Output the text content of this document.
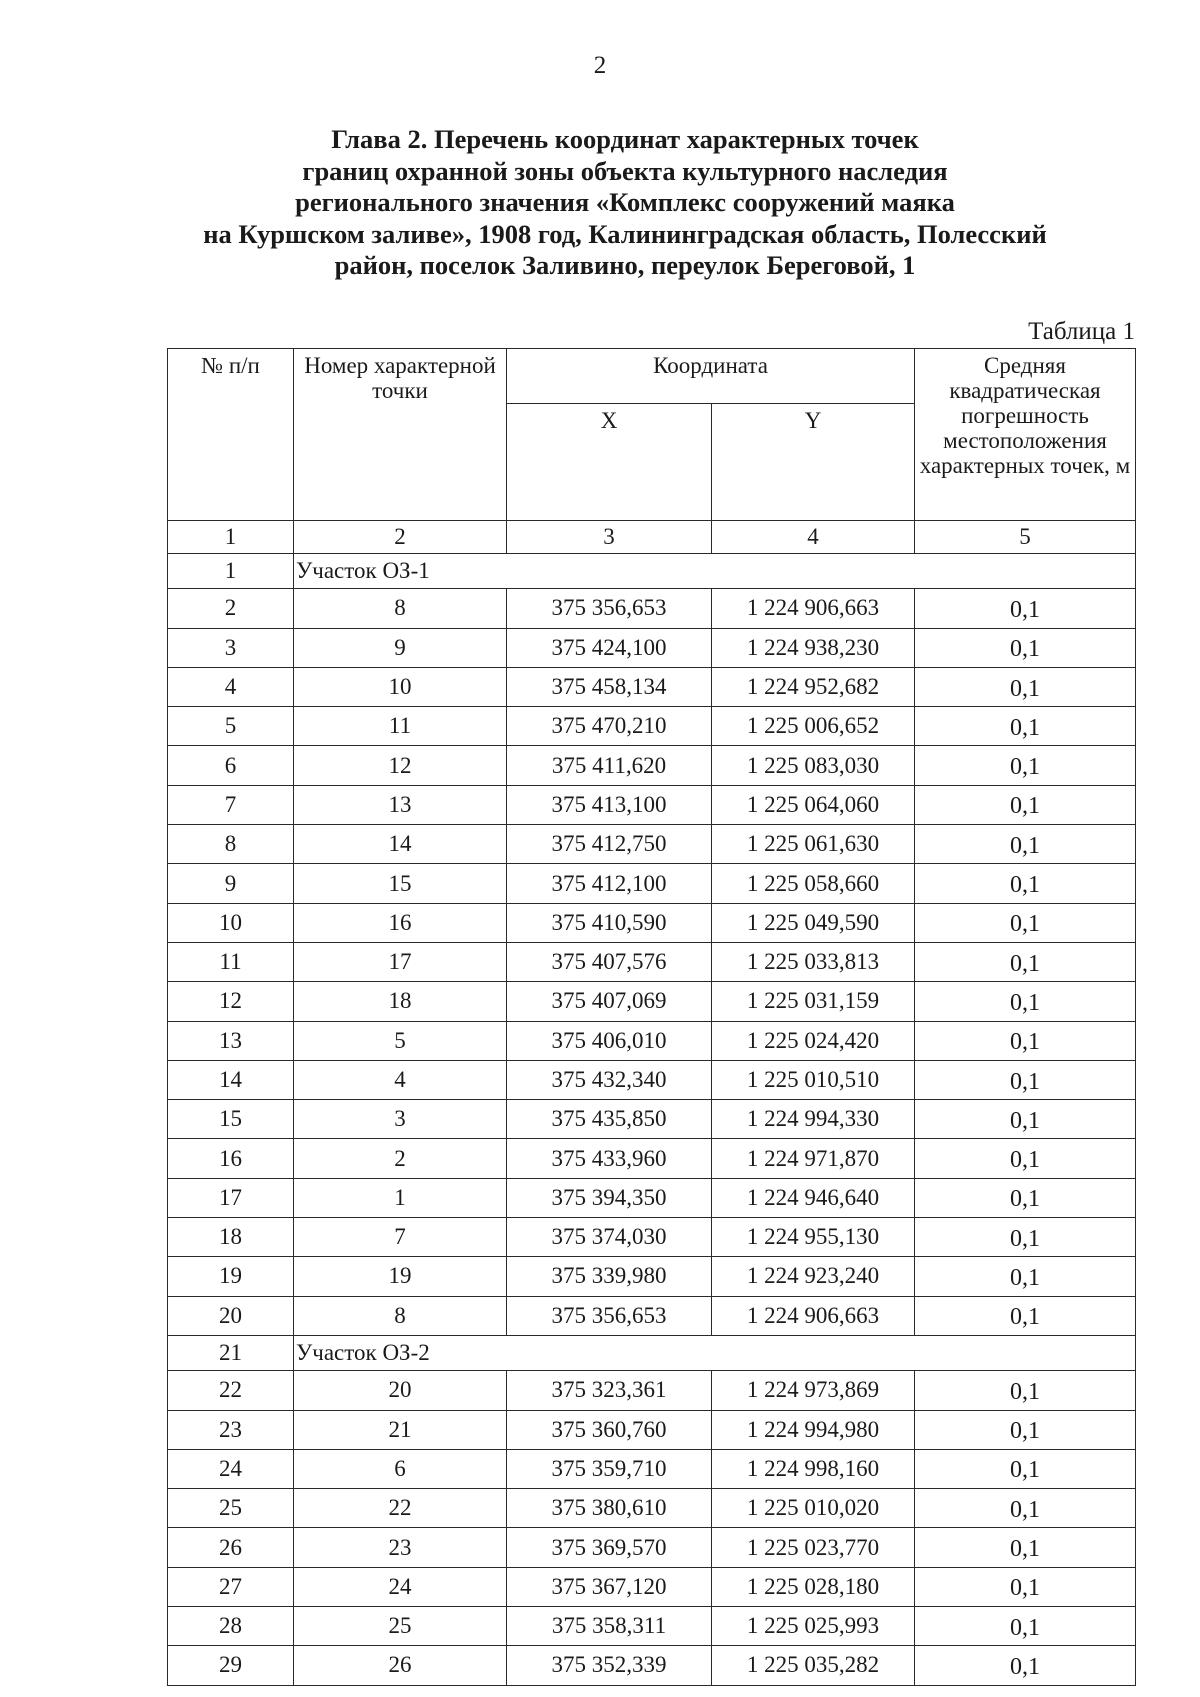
2
Глава 2. Перечень координат характерных точек
границ охранной зоны объекта культурного наследия
регионального значения «Комплекс сооружений маяка
на Куршском заливе», 1908 год, Калининградская область, Полесский
район, поселок Заливино, переулок Береговой, 1
Таблица 1
№ п/п	Номер характерной точки	Координата		Средняя квадратическая погрешность местоположения характерных точек, м
		X	Y	
1	2	3	4	5
1	Участок ОЗ-1			
2	8	375 356,653	1 224 906,663	0,1
3	9	375 424,100	1 224 938,230	0,1
4	10	375 458,134	1 224 952,682	0,1
5	11	375 470,210	1 225 006,652	0,1
6	12	375 411,620	1 225 083,030	0,1
7	13	375 413,100	1 225 064,060	0,1
8	14	375 412,750	1 225 061,630	0,1
9	15	375 412,100	1 225 058,660	0,1
10	16	375 410,590	1 225 049,590	0,1
11	17	375 407,576	1 225 033,813	0,1
12	18	375 407,069	1 225 031,159	0,1
13	5	375 406,010	1 225 024,420	0,1
14	4	375 432,340	1 225 010,510	0,1
15	3	375 435,850	1 224 994,330	0,1
16	2	375 433,960	1 224 971,870	0,1
17	1	375 394,350	1 224 946,640	0,1
18	7	375 374,030	1 224 955,130	0,1
19	19	375 339,980	1 224 923,240	0,1
20	8	375 356,653	1 224 906,663	0,1
21	Участок ОЗ-2			
22	20	375 323,361	1 224 973,869	0,1
23	21	375 360,760	1 224 994,980	0,1
24	6	375 359,710	1 224 998,160	0,1
25	22	375 380,610	1 225 010,020	0,1
26	23	375 369,570	1 225 023,770	0,1
27	24	375 367,120	1 225 028,180	0,1
28	25	375 358,311	1 225 025,993	0,1
29	26	375 352,339	1 225 035,282	0,1
